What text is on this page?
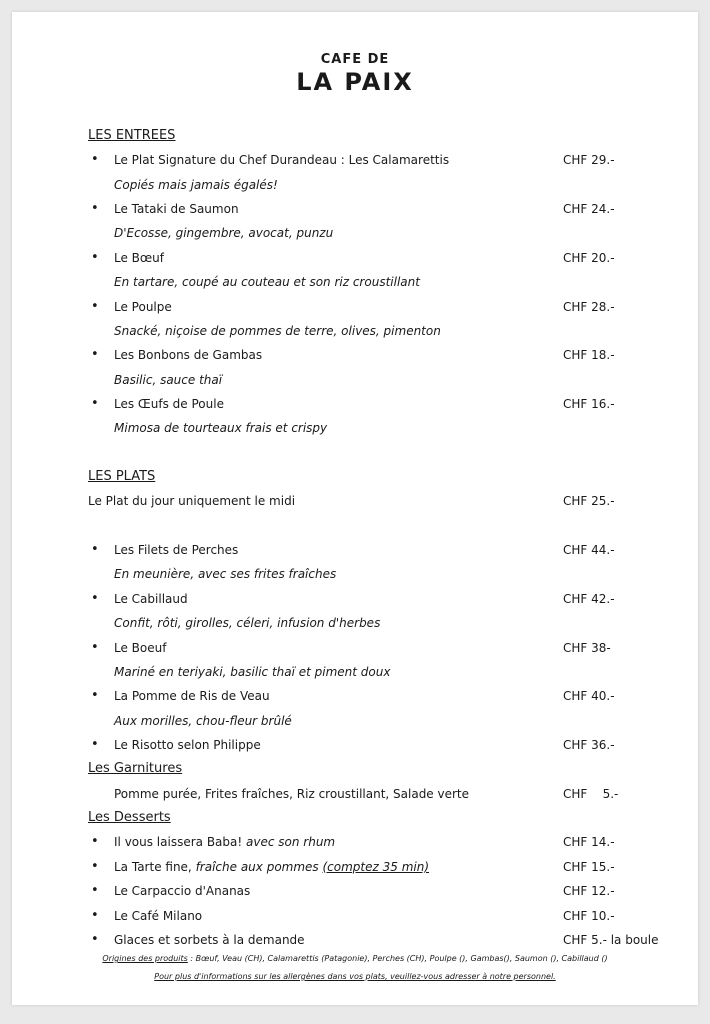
CAFE DE
LA PAIX
LES ENTREES
• Le Plat Signature du Chef Durandeau : Les Calamarettis	CHF 29.-
Copiés mais jamais égalés!
• Le Tataki de Saumon	CHF 24.-
D'Ecosse, gingembre, avocat, punzu
• Le Bœuf	CHF 20.-
En tartare, coupé au couteau et son riz croustillant
• Le Poulpe	CHF 28.-
Snacké, niçoise de pommes de terre, olives, pimenton
• Les Bonbons de Gambas	CHF 18.-
Basilic, sauce thaï
• Les Œufs de Poule	CHF 16.-
Mimosa de tourteaux frais et crispy
LES PLATS
Le Plat du jour uniquement le midi	CHF 25.-
• Les Filets de Perches	CHF 44.-
En meunière, avec ses frites fraîches
• Le Cabillaud	CHF 42.-
Confit, rôti, girolles, céleri, infusion d'herbes
• Le Boeuf	CHF 38-
Mariné en teriyaki, basilic thaï et piment doux
• La Pomme de Ris de Veau	CHF 40.-
Aux morilles, chou-fleur brûlé
• Le Risotto selon Philippe	CHF 36.-
Les Garnitures
Pomme purée, Frites fraîches, Riz croustillant, Salade verte	CHF    5.-
Les Desserts
• Il vous laissera Baba! avec son rhum	CHF 14.-
• La Tarte fine, fraîche aux pommes (comptez 35 min)	CHF 15.-
• Le Carpaccio d'Ananas	CHF 12.-
• Le Café Milano	CHF 10.-
• Glaces et sorbets à la demande	CHF 5.- la boule
Origines des produits : Bœuf, Veau (CH), Calamarettis (Patagonie), Perches (CH), Poulpe (), Gambas(), Saumon (), Cabillaud ()
Pour plus d'informations sur les allergènes dans vos plats, veuillez-vous adresser à notre personnel.
